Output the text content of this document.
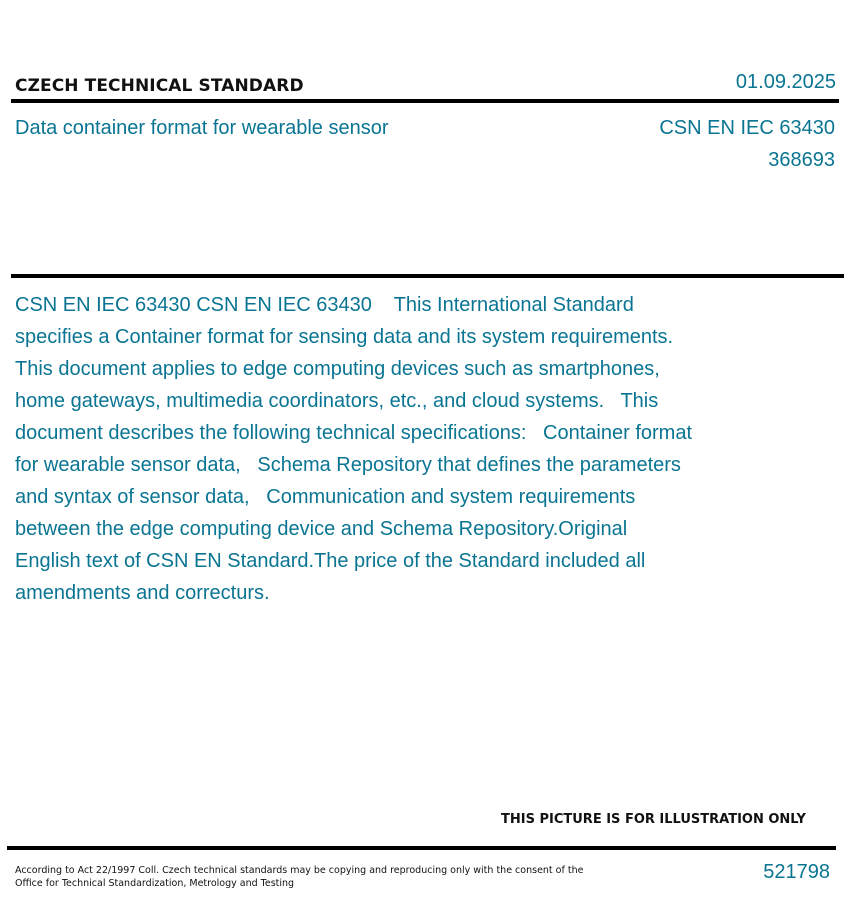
CZECH TECHNICAL STANDARD	01.09.2025
Data container format for wearable sensor	CSN EN IEC 63430
368693
CSN EN IEC 63430 CSN EN IEC 63430    This International Standard specifies a Container format for sensing data and its system requirements. This document applies to edge computing devices such as smartphones, home gateways, multimedia coordinators, etc., and cloud systems.   This document describes the following technical specifications:   Container format for wearable sensor data,   Schema Repository that defines the parameters and syntax of sensor data,   Communication and system requirements between the edge computing device and Schema Repository.Original English text of CSN EN Standard.The price of the Standard included all amendments and correcturs.
THIS PICTURE IS FOR ILLUSTRATION ONLY
According to Act 22/1997 Coll. Czech technical standards may be copying and reproducing only with the consent of the Office for Technical Standardization, Metrology and Testing
521798
